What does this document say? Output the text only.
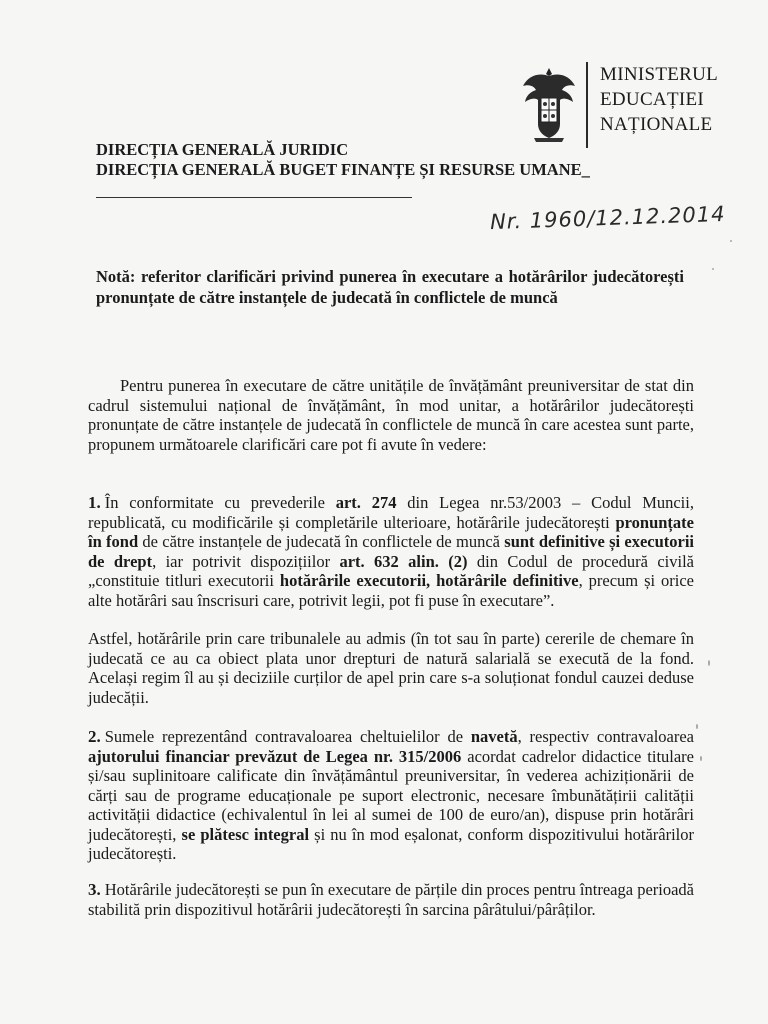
MINISTERUL
EDUCAȚIEI
NAȚIONALE
DIRECȚIA GENERALĂ JURIDIC
DIRECȚIA GENERALĂ BUGET FINANȚE ȘI RESURSE UMANE_
Nr. 1960/12.12.2014
Notă: referitor clarificări privind punerea în executare a hotărârilor judecătorești pronunțate de către instanțele de judecată în conflictele de muncă

Pentru punerea în executare de către unitățile de învățământ preuniversitar de stat din cadrul sistemului național de învățământ, în mod unitar, a hotărârilor judecătorești pronunțate de către instanțele de judecată în conflictele de muncă în care acestea sunt parte, propunem următoarele clarificări care pot fi avute în vedere:

1. În conformitate cu prevederile art. 274 din Legea nr.53/2003 – Codul Muncii, republicată, cu modificările și completările ulterioare, hotărârile judecătorești pronunțate în fond de către instanțele de judecată în conflictele de muncă sunt definitive și executorii de drept, iar potrivit dispozițiilor art. 632 alin. (2) din Codul de procedură civilă „constituie titluri executorii hotărârile executorii, hotărârile definitive, precum și orice alte hotărâri sau înscrisuri care, potrivit legii, pot fi puse în executare”.

Astfel, hotărârile prin care tribunalele au admis (în tot sau în parte) cererile de chemare în judecată ce au ca obiect plata unor drepturi de natură salarială se execută de la fond. Același regim îl au și deciziile curților de apel prin care s-a soluționat fondul cauzei deduse judecății.

2. Sumele reprezentând contravaloarea cheltuielilor de navetă, respectiv contravaloarea ajutorului financiar prevăzut de Legea nr. 315/2006 acordat cadrelor didactice titulare și/sau suplinitoare calificate din învățământul preuniversitar, în vederea achiziționării de cărți sau de programe educaționale pe suport electronic, necesare îmbunătățirii calității activității didactice (echivalentul în lei al sumei de 100 de euro/an), dispuse prin hotărâri judecătorești, se plătesc integral și nu în mod eșalonat, conform dispozitivului hotărârilor judecătorești.

3. Hotărârile judecătorești se pun în executare de părțile din proces pentru întreaga perioadă stabilită prin dispozitivul hotărârii judecătorești în sarcina pârâtului/pârâților.
